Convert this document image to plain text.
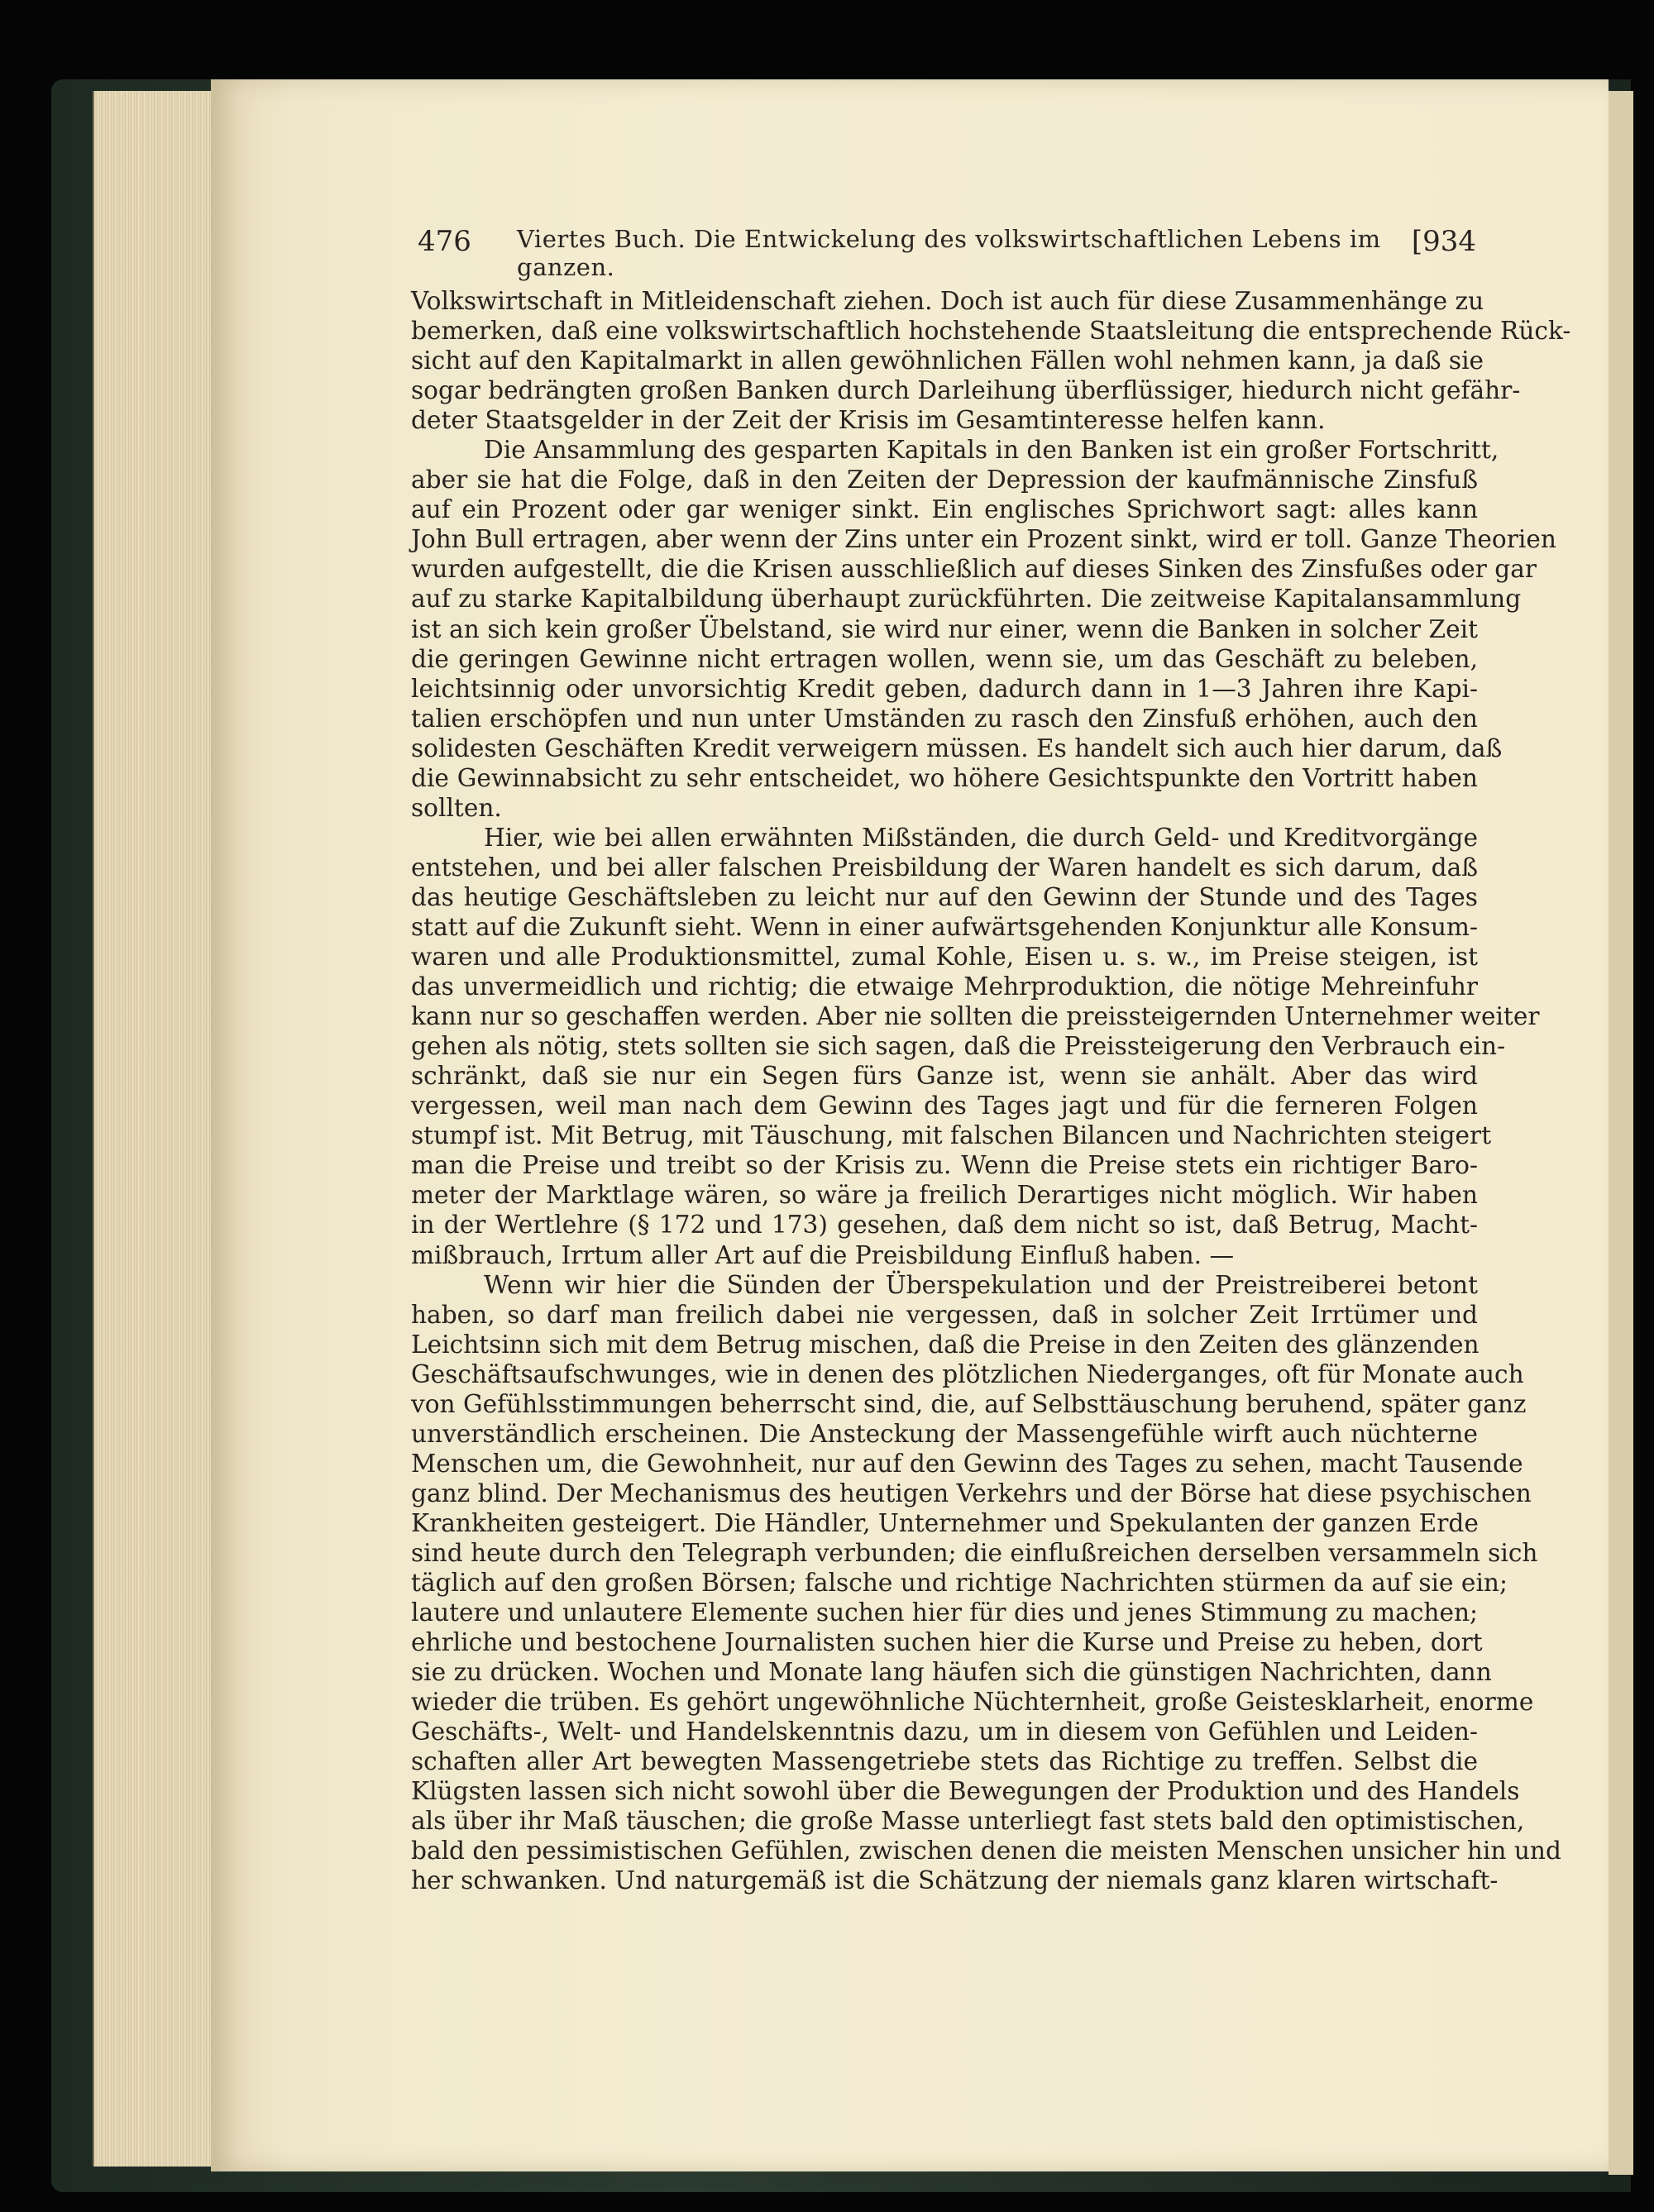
476 Viertes Buch. Die Entwickelung des volkswirtschaftlichen Lebens im ganzen.
[934
Volkswirtschaft in Mitleidenschaft ziehen. Doch ist auch für diese Zusammenhänge zu
bemerken, daß eine volkswirtschaftlich hochstehende Staatsleitung die entsprechende Rück-
sicht auf den Kapitalmarkt in allen gewöhnlichen Fällen wohl nehmen kann, ja daß sie
sogar bedrängten großen Banken durch Darleihung überflüssiger, hiedurch nicht gefähr-
deter Staatsgelder in der Zeit der Krisis im Gesamtinteresse helfen kann.
Die Ansammlung des gesparten Kapitals in den Banken ist ein großer Fortschritt,
aber sie hat die Folge, daß in den Zeiten der Depression der kaufmännische Zinsfuß
auf ein Prozent oder gar weniger sinkt. Ein englisches Sprichwort sagt: alles kann
John Bull ertragen, aber wenn der Zins unter ein Prozent sinkt, wird er toll. Ganze Theorien
wurden aufgestellt, die die Krisen ausschließlich auf dieses Sinken des Zinsfußes oder gar
auf zu starke Kapitalbildung überhaupt zurückführten. Die zeitweise Kapitalansammlung
ist an sich kein großer Übelstand, sie wird nur einer, wenn die Banken in solcher Zeit
die geringen Gewinne nicht ertragen wollen, wenn sie, um das Geschäft zu beleben,
leichtsinnig oder unvorsichtig Kredit geben, dadurch dann in 1—3 Jahren ihre Kapi-
talien erschöpfen und nun unter Umständen zu rasch den Zinsfuß erhöhen, auch den
solidesten Geschäften Kredit verweigern müssen. Es handelt sich auch hier darum, daß
die Gewinnabsicht zu sehr entscheidet, wo höhere Gesichtspunkte den Vortritt haben
sollten.
Hier, wie bei allen erwähnten Mißständen, die durch Geld- und Kreditvorgänge
entstehen, und bei aller falschen Preisbildung der Waren handelt es sich darum, daß
das heutige Geschäftsleben zu leicht nur auf den Gewinn der Stunde und des Tages
statt auf die Zukunft sieht. Wenn in einer aufwärtsgehenden Konjunktur alle Konsum-
waren und alle Produktionsmittel, zumal Kohle, Eisen u. s. w., im Preise steigen, ist
das unvermeidlich und richtig; die etwaige Mehrproduktion, die nötige Mehreinfuhr
kann nur so geschaffen werden. Aber nie sollten die preissteigernden Unternehmer weiter
gehen als nötig, stets sollten sie sich sagen, daß die Preissteigerung den Verbrauch ein-
schränkt, daß sie nur ein Segen fürs Ganze ist, wenn sie anhält. Aber das wird
vergessen, weil man nach dem Gewinn des Tages jagt und für die ferneren Folgen
stumpf ist. Mit Betrug, mit Täuschung, mit falschen Bilancen und Nachrichten steigert
man die Preise und treibt so der Krisis zu. Wenn die Preise stets ein richtiger Baro-
meter der Marktlage wären, so wäre ja freilich Derartiges nicht möglich. Wir haben
in der Wertlehre (§ 172 und 173) gesehen, daß dem nicht so ist, daß Betrug, Macht-
mißbrauch, Irrtum aller Art auf die Preisbildung Einfluß haben. —
Wenn wir hier die Sünden der Überspekulation und der Preistreiberei betont
haben, so darf man freilich dabei nie vergessen, daß in solcher Zeit Irrtümer und
Leichtsinn sich mit dem Betrug mischen, daß die Preise in den Zeiten des glänzenden
Geschäftsaufschwunges, wie in denen des plötzlichen Niederganges, oft für Monate auch
von Gefühlsstimmungen beherrscht sind, die, auf Selbsttäuschung beruhend, später ganz
unverständlich erscheinen. Die Ansteckung der Massengefühle wirft auch nüchterne
Menschen um, die Gewohnheit, nur auf den Gewinn des Tages zu sehen, macht Tausende
ganz blind. Der Mechanismus des heutigen Verkehrs und der Börse hat diese psychischen
Krankheiten gesteigert. Die Händler, Unternehmer und Spekulanten der ganzen Erde
sind heute durch den Telegraph verbunden; die einflußreichen derselben versammeln sich
täglich auf den großen Börsen; falsche und richtige Nachrichten stürmen da auf sie ein;
lautere und unlautere Elemente suchen hier für dies und jenes Stimmung zu machen;
ehrliche und bestochene Journalisten suchen hier die Kurse und Preise zu heben, dort
sie zu drücken. Wochen und Monate lang häufen sich die günstigen Nachrichten, dann
wieder die trüben. Es gehört ungewöhnliche Nüchternheit, große Geistesklarheit, enorme
Geschäfts-, Welt- und Handelskenntnis dazu, um in diesem von Gefühlen und Leiden-
schaften aller Art bewegten Massengetriebe stets das Richtige zu treffen. Selbst die
Klügsten lassen sich nicht sowohl über die Bewegungen der Produktion und des Handels
als über ihr Maß täuschen; die große Masse unterliegt fast stets bald den optimistischen,
bald den pessimistischen Gefühlen, zwischen denen die meisten Menschen unsicher hin und
her schwanken. Und naturgemäß ist die Schätzung der niemals ganz klaren wirtschaft-
